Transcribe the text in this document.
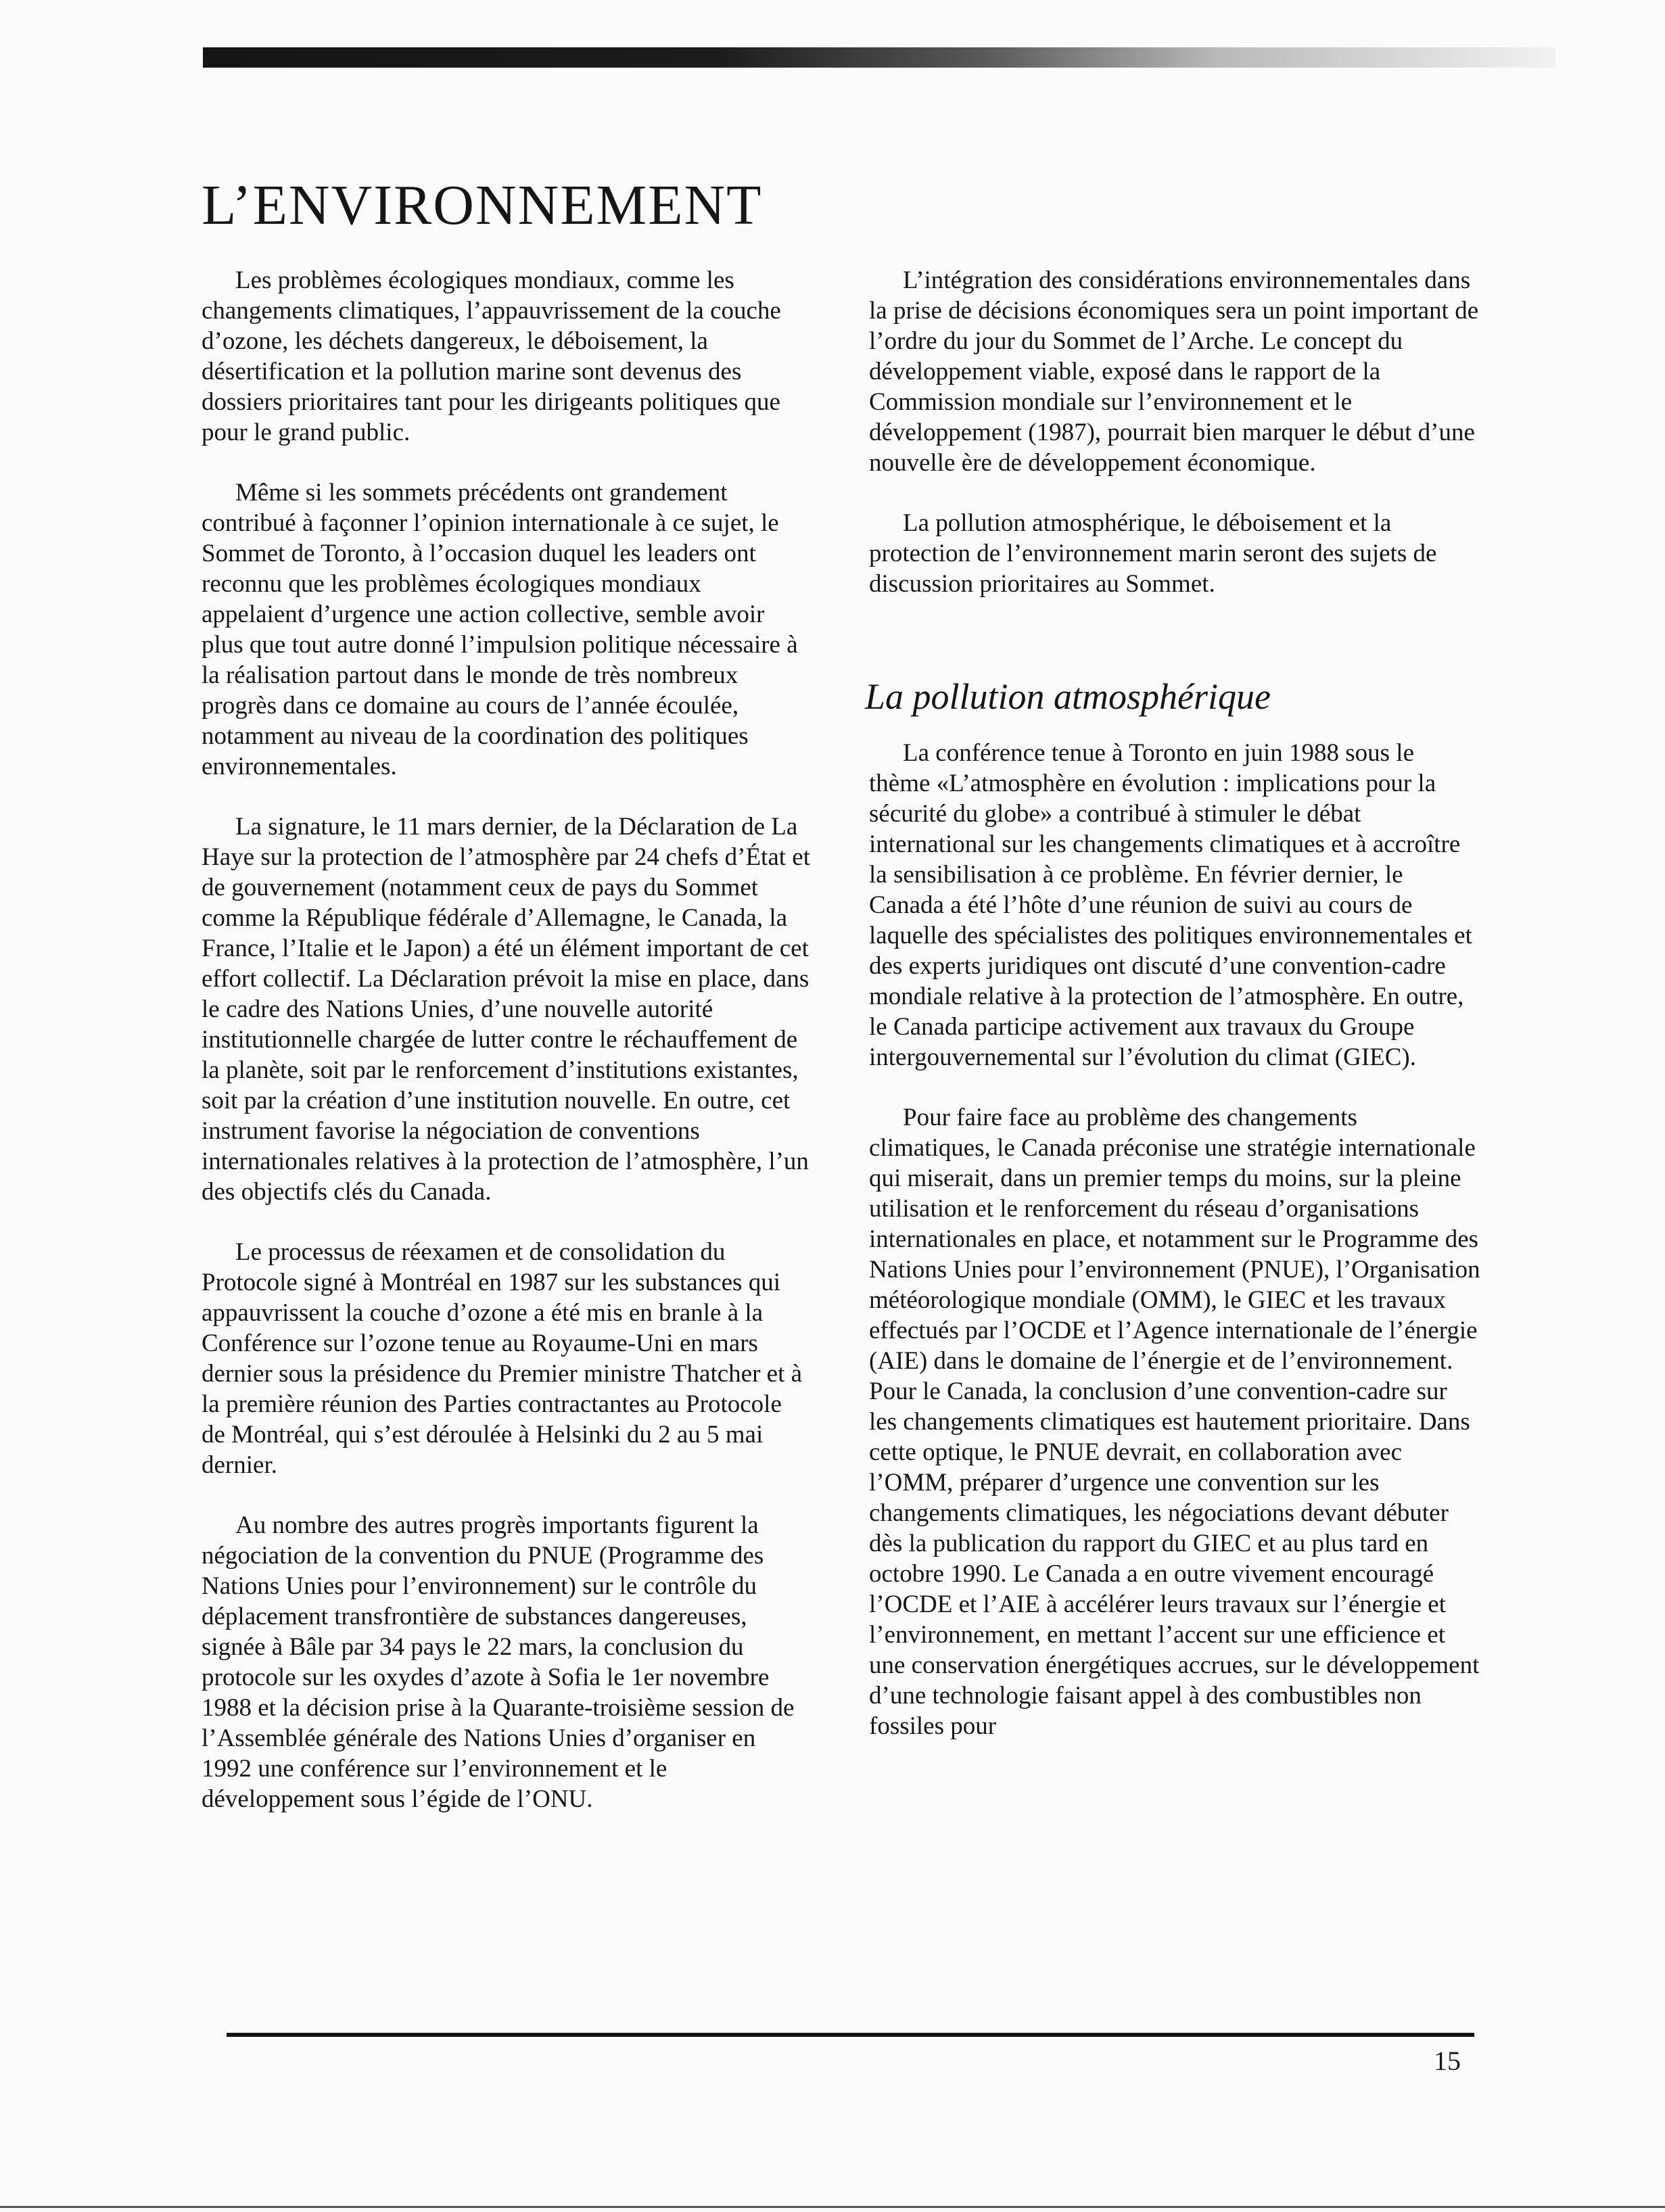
L’ENVIRONNEMENT

Les problèmes écologiques mondiaux, comme les changements climatiques, l’appauvrissement de la couche d’ozone, les déchets dangereux, le déboisement, la désertification et la pollution marine sont devenus des dossiers prioritaires tant pour les dirigeants politiques que pour le grand public.

Même si les sommets précédents ont grandement contribué à façonner l’opinion internationale à ce sujet, le Sommet de Toronto, à l’occasion duquel les leaders ont reconnu que les problèmes écologiques mondiaux appelaient d’urgence une action collective, semble avoir plus que tout autre donné l’impulsion politique nécessaire à la réalisation partout dans le monde de très nombreux progrès dans ce domaine au cours de l’année écoulée, notamment au niveau de la coordination des politiques environnementales.

La signature, le 11 mars dernier, de la Déclaration de La Haye sur la protection de l’atmosphère par 24 chefs d’État et de gouvernement (notamment ceux de pays du Sommet comme la République fédérale d’Allemagne, le Canada, la France, l’Italie et le Japon) a été un élément important de cet effort collectif. La Déclaration prévoit la mise en place, dans le cadre des Nations Unies, d’une nouvelle autorité institutionnelle chargée de lutter contre le réchauffement de la planète, soit par le renforcement d’institutions existantes, soit par la création d’une institution nouvelle. En outre, cet instrument favorise la négociation de conventions internationales relatives à la protection de l’atmosphère, l’un des objectifs clés du Canada.

Le processus de réexamen et de consolidation du Protocole signé à Montréal en 1987 sur les substances qui appauvrissent la couche d’ozone a été mis en branle à la Conférence sur l’ozone tenue au Royaume-Uni en mars dernier sous la présidence du Premier ministre Thatcher et à la première réunion des Parties contractantes au Protocole de Montréal, qui s’est déroulée à Helsinki du 2 au 5 mai dernier.

Au nombre des autres progrès importants figurent la négociation de la convention du PNUE (Programme des Nations Unies pour l’environnement) sur le contrôle du déplacement transfrontière de substances dangereuses, signée à Bâle par 34 pays le 22 mars, la conclusion du protocole sur les oxydes d’azote à Sofia le 1er novembre 1988 et la décision prise à la Quarante-troisième session de l’Assemblée générale des Nations Unies d’organiser en 1992 une conférence sur l’environnement et le développement sous l’égide de l’ONU.

L’intégration des considérations environnementales dans la prise de décisions économiques sera un point important de l’ordre du jour du Sommet de l’Arche. Le concept du développement viable, exposé dans le rapport de la Commission mondiale sur l’environnement et le développement (1987), pourrait bien marquer le début d’une nouvelle ère de développement économique.

La pollution atmosphérique, le déboisement et la protection de l’environnement marin seront des sujets de discussion prioritaires au Sommet.

La pollution atmosphérique

La conférence tenue à Toronto en juin 1988 sous le thème «L’atmosphère en évolution : implications pour la sécurité du globe» a contribué à stimuler le débat international sur les changements climatiques et à accroître la sensibilisation à ce problème. En février dernier, le Canada a été l’hôte d’une réunion de suivi au cours de laquelle des spécialistes des politiques environnementales et des experts juridiques ont discuté d’une convention-cadre mondiale relative à la protection de l’atmosphère. En outre, le Canada participe activement aux travaux du Groupe intergouvernemental sur l’évolution du climat (GIEC).

Pour faire face au problème des changements climatiques, le Canada préconise une stratégie internationale qui miserait, dans un premier temps du moins, sur la pleine utilisation et le renforcement du réseau d’organisations internationales en place, et notamment sur le Programme des Nations Unies pour l’environnement (PNUE), l’Organisation météorologique mondiale (OMM), le GIEC et les travaux effectués par l’OCDE et l’Agence internationale de l’énergie (AIE) dans le domaine de l’énergie et de l’environnement. Pour le Canada, la conclusion d’une convention-cadre sur les changements climatiques est hautement prioritaire. Dans cette optique, le PNUE devrait, en collaboration avec l’OMM, préparer d’urgence une convention sur les changements climatiques, les négociations devant débuter dès la publication du rapport du GIEC et au plus tard en octobre 1990. Le Canada a en outre vivement encouragé l’OCDE et l’AIE à accélérer leurs travaux sur l’énergie et l’environnement, en mettant l’accent sur une efficience et une conservation énergétiques accrues, sur le développement d’une technologie faisant appel à des combustibles non fossiles pour

15
